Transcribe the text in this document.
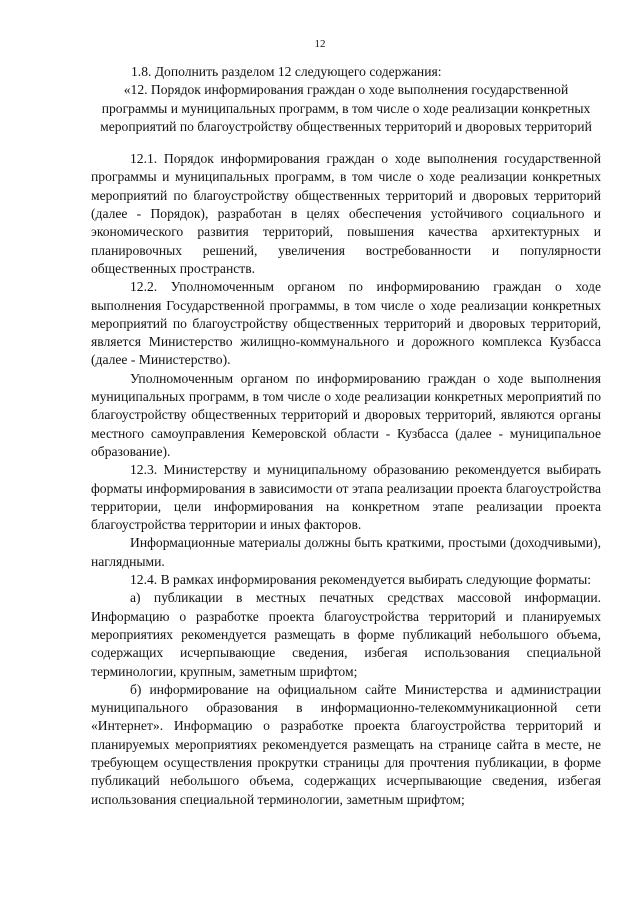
12

1.8. Дополнить разделом 12 следующего содержания:

«12. Порядок информирования граждан о ходе выполнения государственной программы и муниципальных программ, в том числе о ходе реализации конкретных мероприятий по благоустройству общественных территорий и дворовых территорий

12.1. Порядок информирования граждан о ходе выполнения государственной программы и муниципальных программ, в том числе о ходе реализации конкретных мероприятий по благоустройству общественных территорий и дворовых территорий (далее - Порядок), разработан в целях обеспечения устойчивого социального и экономического развития территорий, повышения качества архитектурных и планировочных решений, увеличения востребованности и популярности общественных пространств.

12.2. Уполномоченным органом по информированию граждан о ходе выполнения Государственной программы, в том числе о ходе реализации конкретных мероприятий по благоустройству общественных территорий и дворовых территорий, является Министерство жилищно-коммунального и дорожного комплекса Кузбасса (далее - Министерство).

Уполномоченным органом по информированию граждан о ходе выполнения муниципальных программ, в том числе о ходе реализации конкретных мероприятий по благоустройству общественных территорий и дворовых территорий, являются органы местного самоуправления Кемеровской области - Кузбасса (далее - муниципальное образование).

12.3. Министерству и муниципальному образованию рекомендуется выбирать форматы информирования в зависимости от этапа реализации проекта благоустройства территории, цели информирования на конкретном этапе реализации проекта благоустройства территории и иных факторов.

Информационные материалы должны быть краткими, простыми (доходчивыми), наглядными.

12.4. В рамках информирования рекомендуется выбирать следующие форматы:

а) публикации в местных печатных средствах массовой информации. Информацию о разработке проекта благоустройства территорий и планируемых мероприятиях рекомендуется размещать в форме публикаций небольшого объема, содержащих исчерпывающие сведения, избегая использования специальной терминологии, крупным, заметным шрифтом;

б) информирование на официальном сайте Министерства и администрации муниципального образования в информационно-телекоммуникационной сети «Интернет». Информацию о разработке проекта благоустройства территорий и планируемых мероприятиях рекомендуется размещать на странице сайта в месте, не требующем осуществления прокрутки страницы для прочтения публикации, в форме публикаций небольшого объема, содержащих исчерпывающие сведения, избегая использования специальной терминологии, заметным шрифтом;
